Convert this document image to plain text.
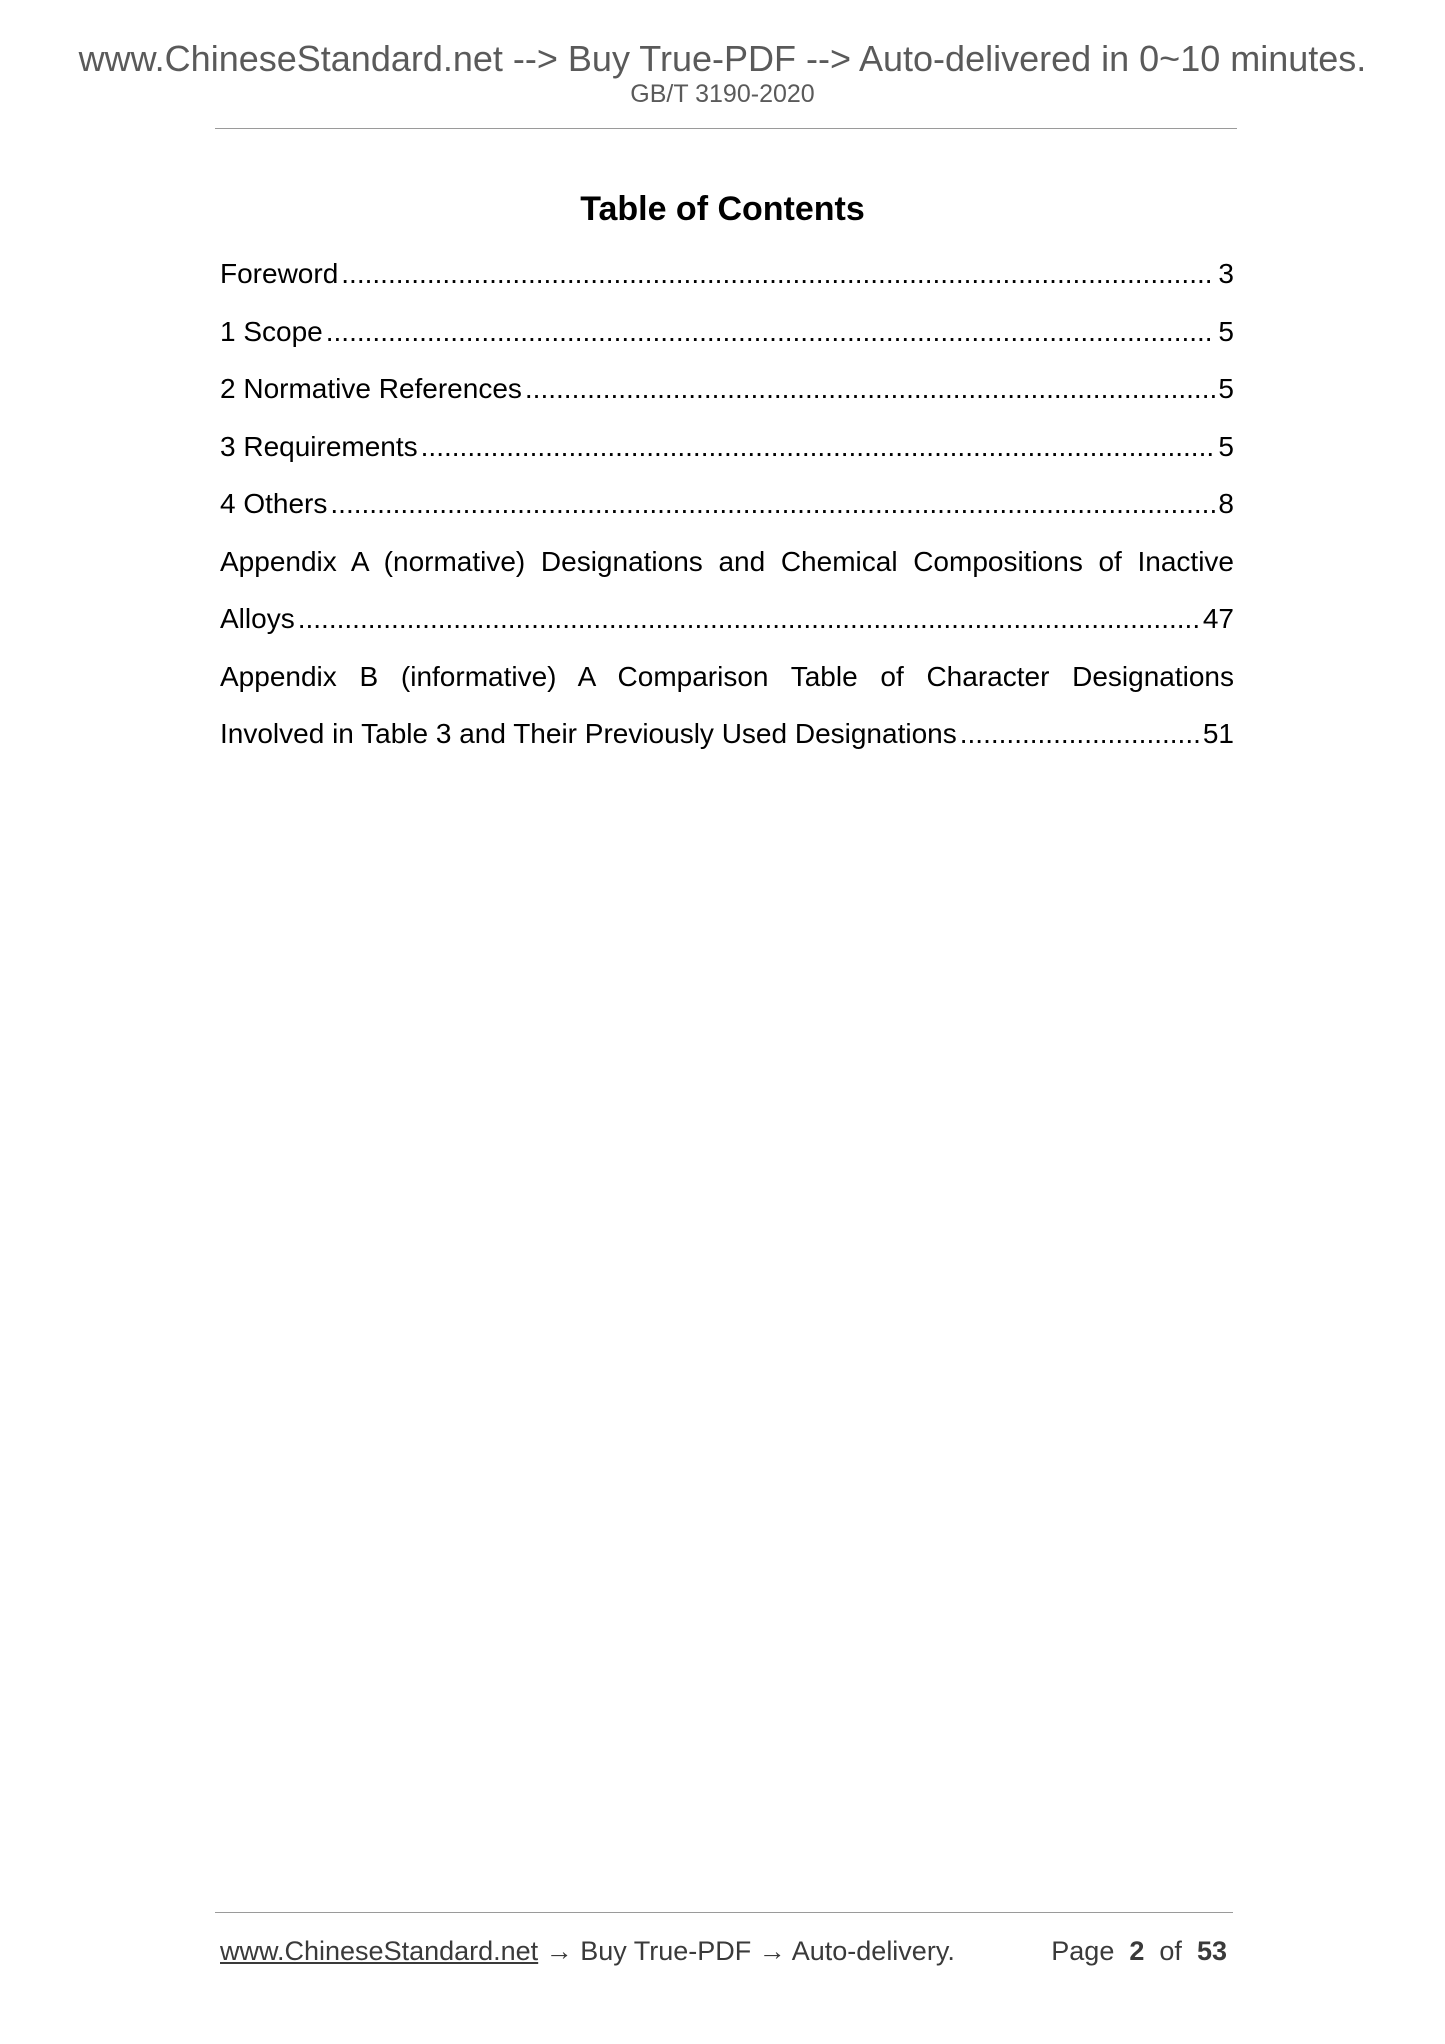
www.ChineseStandard.net --> Buy True-PDF --> Auto-delivered in 0~10 minutes.
GB/T 3190-2020
Table of Contents
Foreword .....	3
1 Scope .....	5
2 Normative References .....	5
3 Requirements .....	5
4 Others .....	8
Appendix A (normative) Designations and Chemical Compositions of Inactive
Alloys .....	47
Appendix B (informative) A Comparison Table of Character Designations
Involved in Table 3 and Their Previously Used Designations .....	51
www.ChineseStandard.net → Buy True-PDF → Auto-delivery.	Page 2 of 53
